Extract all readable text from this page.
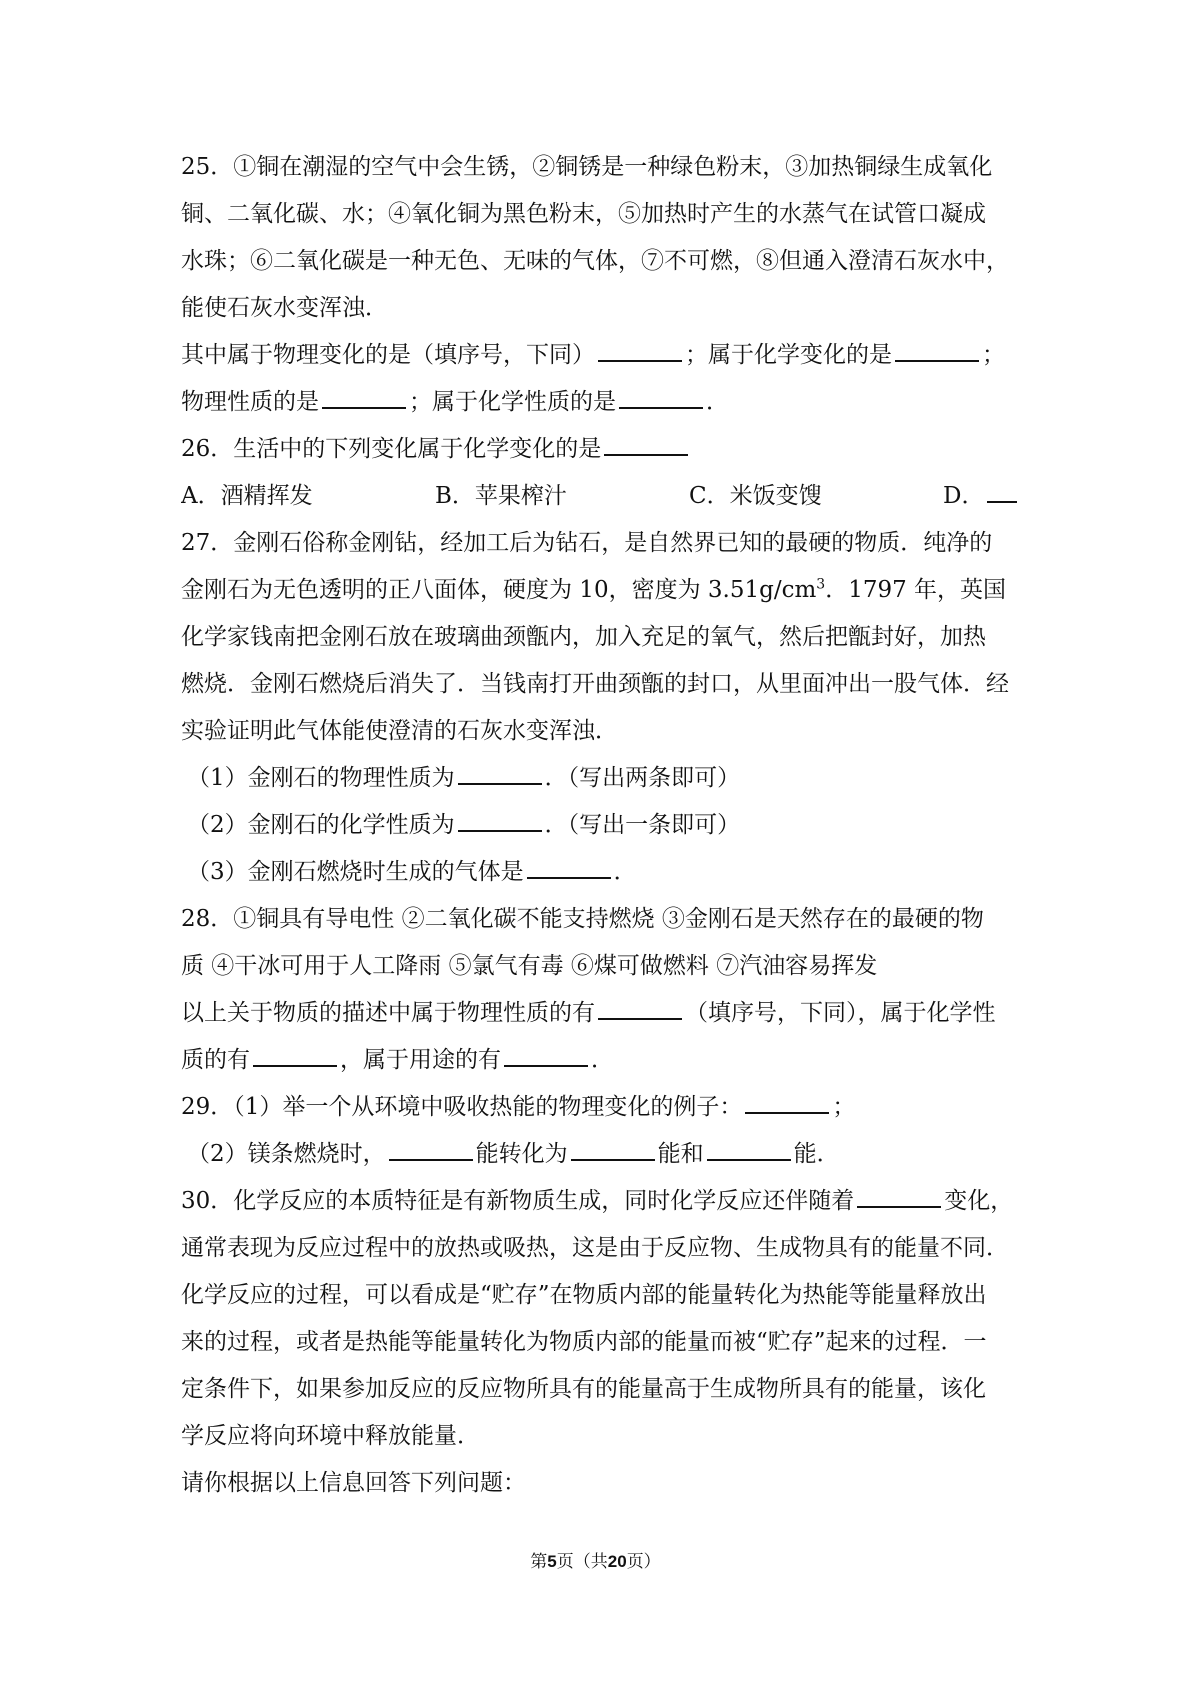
25．①铜在潮湿的空气中会生锈，②铜锈是一种绿色粉末，③加热铜绿生成氧化
铜、二氧化碳、水；④氧化铜为黑色粉末，⑤加热时产生的水蒸气在试管口凝成
水珠；⑥二氧化碳是一种无色、无味的气体，⑦不可燃，⑧但通入澄清石灰水中，
能使石灰水变浑浊．
其中属于物理变化的是（填序号，下同）	；属于化学变化的是	；
物理性质的是	；属于化学性质的是	．
26．生活中的下列变化属于化学变化的是
A．酒精挥发	B．苹果榨汁	C．米饭变馊	D．
27．金刚石俗称金刚钻，经加工后为钻石，是自然界已知的最硬的物质．纯净的
金刚石为无色透明的正八面体，硬度为 10，密度为 $3.51g/cm^3$．1797 年，英国
化学家钱南把金刚石放在玻璃曲颈甑内，加入充足的氧气，然后把甑封好，加热
燃烧．金刚石燃烧后消失了．当钱南打开曲颈甑的封口，从里面冲出一股气体．经
实验证明此气体能使澄清的石灰水变浑浊．
（1）金刚石的物理性质为	．（写出两条即可）
（2）金刚石的化学性质为	．（写出一条即可）
（3）金刚石燃烧时生成的气体是	．
28．①铜具有导电性 ②二氧化碳不能支持燃烧 ③金刚石是天然存在的最硬的物
质 ④干冰可用于人工降雨 ⑤氯气有毒 ⑥煤可做燃料 ⑦汽油容易挥发
以上关于物质的描述中属于物理性质的有	（填序号，下同），属于化学性
质的有	，属于用途的有	．
29．（1）举一个从环境中吸收热能的物理变化的例子：	；
（2）镁条燃烧时，	能转化为	能和	能．
30．化学反应的本质特征是有新物质生成，同时化学反应还伴随着	变化，
通常表现为反应过程中的放热或吸热，这是由于反应物、生成物具有的能量不同．
化学反应的过程，可以看成是“贮存”在物质内部的能量转化为热能等能量释放出
来的过程，或者是热能等能量转化为物质内部的能量而被“贮存”起来的过程．一
定条件下，如果参加反应的反应物所具有的能量高于生成物所具有的能量，该化
学反应将向环境中释放能量．
请你根据以上信息回答下列问题：
第5页（共20页）
